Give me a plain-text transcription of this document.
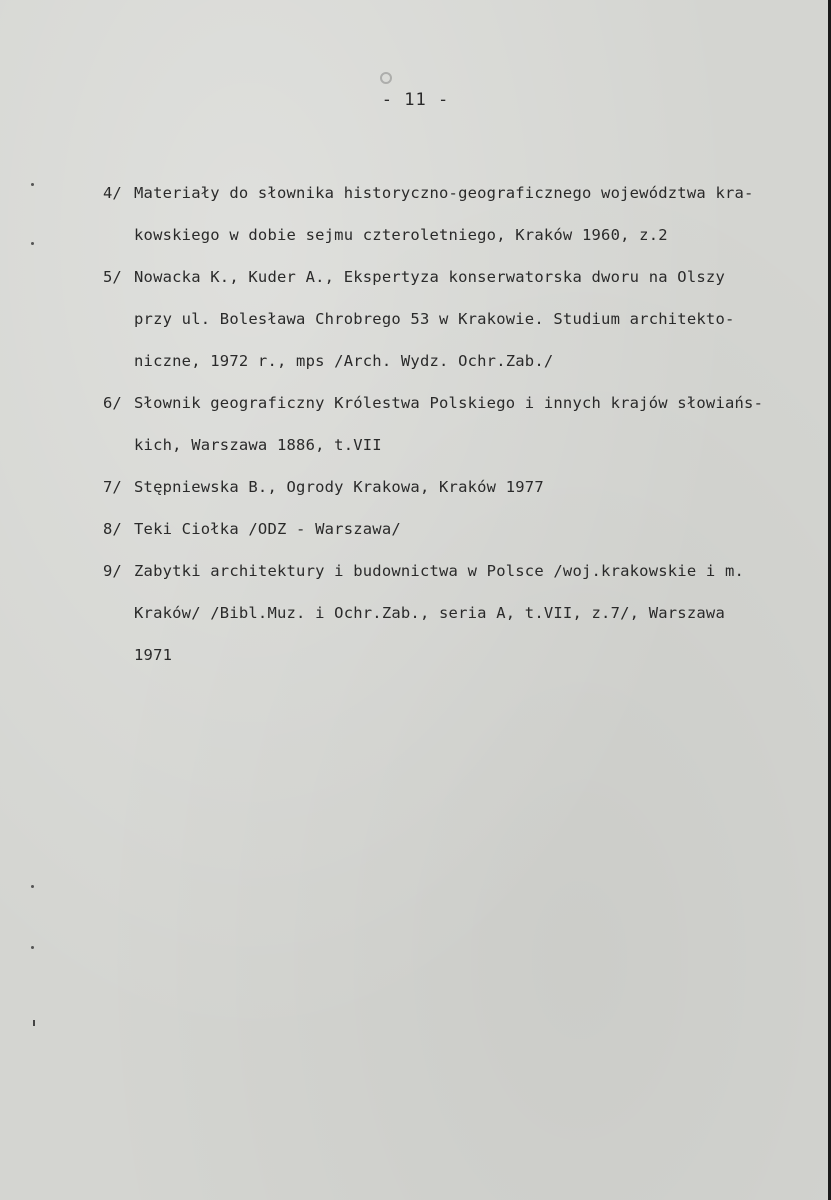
- 11 -
4/ Materiały do słownika historyczno-geograficznego województwa kra-
kowskiego w dobie sejmu czteroletniego, Kraków 1960, z.2
5/ Nowacka K., Kuder A., Ekspertyza konserwatorska dworu na Olszy
przy ul. Bolesława Chrobrego 53 w Krakowie. Studium architekto-
niczne, 1972 r., mps /Arch. Wydz. Ochr.Zab./
6/ Słownik geograficzny Królestwa Polskiego i innych krajów słowiańs-
kich, Warszawa 1886, t.VII
7/ Stępniewska B., Ogrody Krakowa, Kraków 1977
8/ Teki Ciołka /ODZ - Warszawa/
9/ Zabytki architektury i budownictwa w Polsce /woj.krakowskie i m.
Kraków/ /Bibl.Muz. i Ochr.Zab., seria A, t.VII, z.7/, Warszawa
1971
